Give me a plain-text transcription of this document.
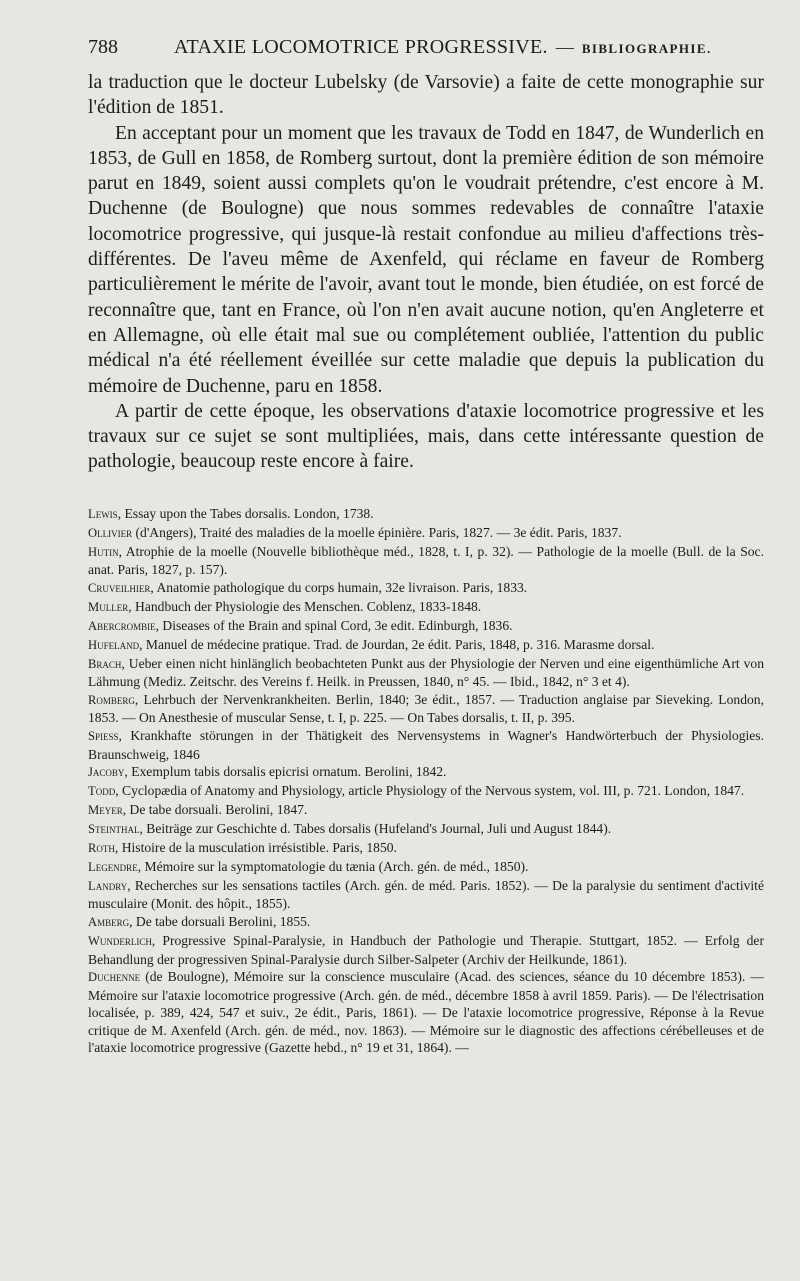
788	ATAXIE LOCOMOTRICE PROGRESSIVE. — BIBLIOGRAPHIE.

la traduction que le docteur Lubelsky (de Varsovie) a faite de cette monographie sur l'édition de 1851.

En acceptant pour un moment que les travaux de Todd en 1847, de Wunderlich en 1853, de Gull en 1858, de Romberg surtout, dont la première édition de son mémoire parut en 1849, soient aussi complets qu'on le voudrait prétendre, c'est encore à M. Duchenne (de Boulogne) que nous sommes redevables de connaître l'ataxie locomotrice progressive, qui jusque-là restait confondue au milieu d'affections très-différentes. De l'aveu même de Axenfeld, qui réclame en faveur de Romberg particulièrement le mérite de l'avoir, avant tout le monde, bien étudiée, on est forcé de reconnaître que, tant en France, où l'on n'en avait aucune notion, qu'en Angleterre et en Allemagne, où elle était mal sue ou complétement oubliée, l'attention du public médical n'a été réellement éveillée sur cette maladie que depuis la publication du mémoire de Duchenne, paru en 1858.

A partir de cette époque, les observations d'ataxie locomotrice progressive et les travaux sur ce sujet se sont multipliées, mais, dans cette intéressante question de pathologie, beaucoup reste encore à faire.

Lewis, Essay upon the Tabes dorsalis. London, 1738.
Ollivier (d'Angers), Traité des maladies de la moelle épinière. Paris, 1827. — 3e édit. Paris, 1837.
Hutin, Atrophie de la moelle (Nouvelle bibliothèque méd., 1828, t. I, p. 32). — Pathologie de la moelle (Bull. de la Soc. anat. Paris, 1827, p. 157).
Cruveilhier, Anatomie pathologique du corps humain, 32e livraison. Paris, 1833.
Muller, Handbuch der Physiologie des Menschen. Coblenz, 1833-1848.
Abercrombie, Diseases of the Brain and spinal Cord, 3e edit. Edinburgh, 1836.
Hufeland, Manuel de médecine pratique. Trad. de Jourdan, 2e édit. Paris, 1848, p. 316. Marasme dorsal.
Brach, Ueber einen nicht hinlänglich beobachteten Punkt aus der Physiologie der Nerven und eine eigenthümliche Art von Lähmung (Mediz. Zeitschr. des Vereins f. Heilk. in Preussen, 1840, n° 45. — Ibid., 1842, n° 3 et 4).
Romberg, Lehrbuch der Nervenkrankheiten. Berlin, 1840; 3e édit., 1857. — Traduction anglaise par Sieveking. London, 1853. — On Anesthesie of muscular Sense, t. I, p. 225. — On Tabes dorsalis, t. II, p. 395.
Spiess, Krankhafte störungen in der Thätigkeit des Nervensystems in Wagner's Handwörterbuch der Physiologies. Braunschweig, 1846
Jacoby, Exemplum tabis dorsalis epicrisi ornatum. Berolini, 1842.
Todd, Cyclopædia of Anatomy and Physiology, article Physiology of the Nervous system, vol. III, p. 721. London, 1847.
Meyer, De tabe dorsuali. Berolini, 1847.
Steinthal, Beiträge zur Geschichte d. Tabes dorsalis (Hufeland's Journal, Juli und August 1844).
Roth, Histoire de la musculation irrésistible. Paris, 1850.
Legendre, Mémoire sur la symptomatologie du tænia (Arch. gén. de méd., 1850).
Landry, Recherches sur les sensations tactiles (Arch. gén. de méd. Paris. 1852). — De la paralysie du sentiment d'activité musculaire (Monit. des hôpit., 1855).
Amberg, De tabe dorsuali Berolini, 1855.
Wunderlich, Progressive Spinal-Paralysie, in Handbuch der Pathologie und Therapie. Stuttgart, 1852. — Erfolg der Behandlung der progressiven Spinal-Paralysie durch Silber-Salpeter (Archiv der Heilkunde, 1861).
Duchenne (de Boulogne), Mémoire sur la conscience musculaire (Acad. des sciences, séance du 10 décembre 1853). — Mémoire sur l'ataxie locomotrice progressive (Arch. gén. de méd., décembre 1858 à avril 1859. Paris). — De l'électrisation localisée, p. 389, 424, 547 et suiv., 2e édit., Paris, 1861). — De l'ataxie locomotrice progressive, Réponse à la Revue critique de M. Axenfeld (Arch. gén. de méd., nov. 1863). — Mémoire sur le diagnostic des affections cérébelleuses et de l'ataxie locomotrice progressive (Gazette hebd., n° 19 et 31, 1864). —
